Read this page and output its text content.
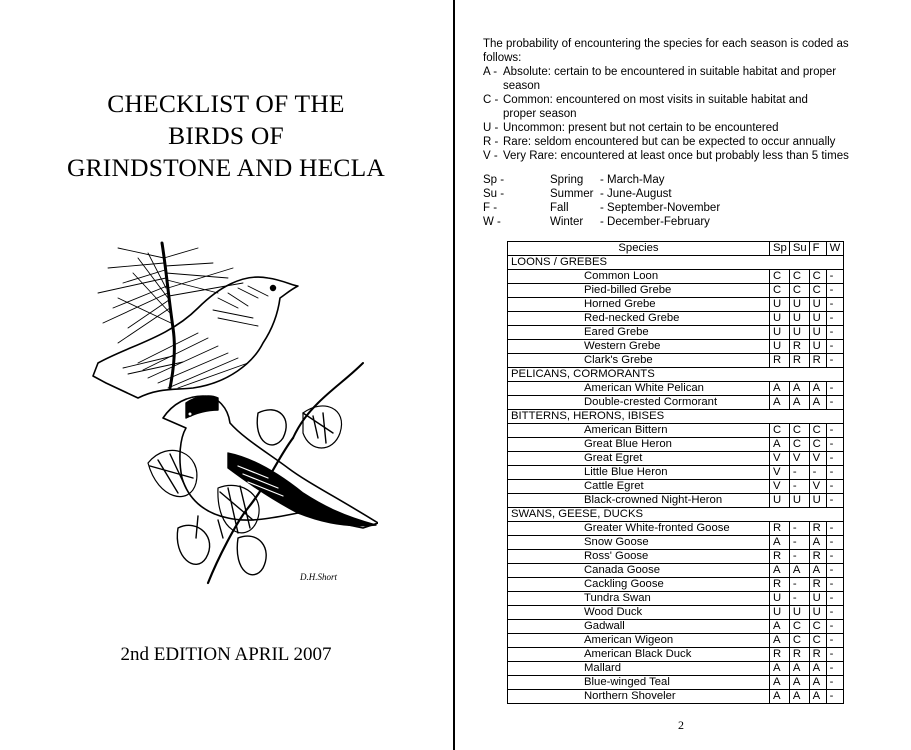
CHECKLIST OF THE
BIRDS OF
GRINDSTONE AND HECLA
D.H.Short
2nd EDITION APRIL 2007
The probability of encountering the species for each season is coded as
follows:
A - Absolute: certain to be encountered in suitable habitat and proper
season
C - Common: encountered on most visits in suitable habitat and
proper season
U - Uncommon: present but not certain to be encountered
R - Rare: seldom encountered but can be expected to occur annually
V - Very Rare: encountered at least once but probably less than 5 times
Sp -	Spring	- March-May
Su -	Summer - June-August
F -	Fall	- September-November
W -	Winter	- December-February
Species	Sp	Su	F	W
LOONS / GREBES				
Common Loon	C	C	C	-
Pied-billed Grebe	C	C	C	-
Horned Grebe	U	U	U	-
Red-necked Grebe	U	U	U	-
Eared Grebe	U	U	U	-
Western Grebe	U	R	U	-
Clark's Grebe	R	R	R	-
PELICANS, CORMORANTS				
American White Pelican	A	A	A	-
Double-crested Cormorant	A	A	A	-
BITTERNS, HERONS, IBISES				
American Bittern	C	C	C	-
Great Blue Heron	A	C	C	-
Great Egret	V	V	V	-
Little Blue Heron	V	-	-	-
Cattle Egret	V	-	V	-
Black-crowned Night-Heron	U	U	U	-
SWANS, GEESE, DUCKS				
Greater White-fronted Goose	R	-	R	-
Snow Goose	A	-	A	-
Ross' Goose	R	-	R	-
Canada Goose	A	A	A	-
Cackling Goose	R	-	R	-
Tundra Swan	U	-	U	-
Wood Duck	U	U	U	-
Gadwall	A	C	C	-
American Wigeon	A	C	C	-
American Black Duck	R	R	R	-
Mallard	A	A	A	-
Blue-winged Teal	A	A	A	-
Northern Shoveler	A	A	A	-
2
